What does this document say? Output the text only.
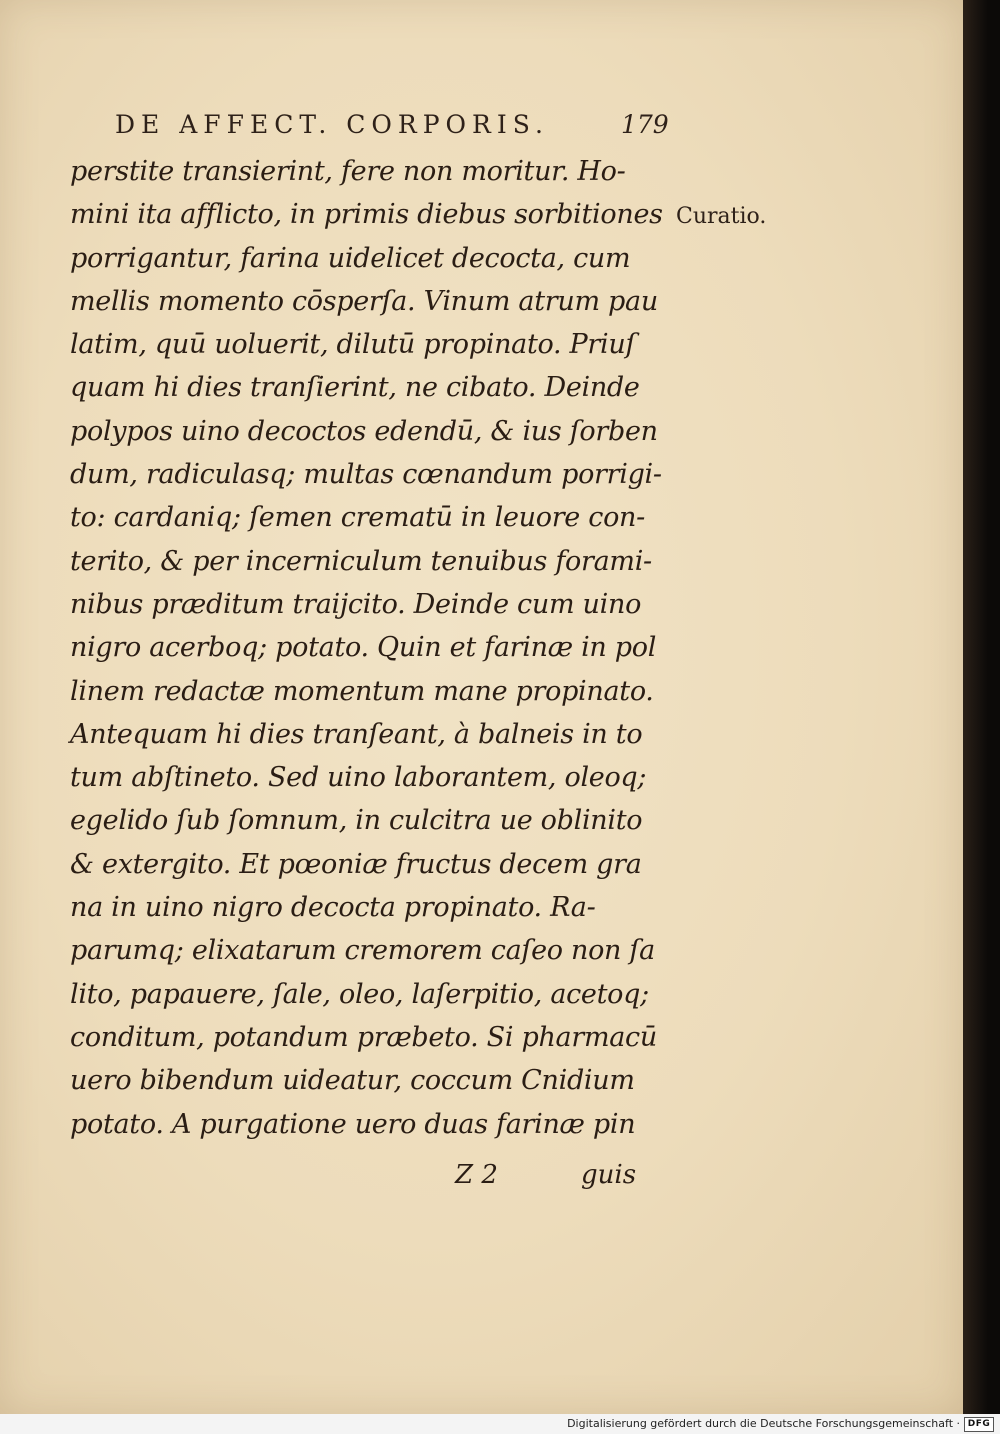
DE AFFECT. CORPORIS.	179
perstite transierint, fere non moritur. Ho-
mini ita afflicto, in primis diebus sorbitiones
porrigantur, farina uidelicet decocta, cum
mellis momento cōsperſa. Vinum atrum pau
latim, quū uoluerit, dilutū propinato. Priuſ
quam hi dies tranſierint, ne cibato. Deinde
polypos uino decoctos edendū, & ius ſorben
dum, radiculasq; multas cœnandum porrigi-
to: cardaniq; ſemen crematū in leuore con-
terito, & per incerniculum tenuibus forami-
nibus præditum traijcito. Deinde cum uino
nigro acerboq; potato. Quin et farinæ in pol
linem redactæ momentum mane propinato.
Antequam hi dies tranſeant, à balneis in to
tum abſtineto. Sed uino laborantem, oleoq;
egelido ſub ſomnum, in culcitra ue oblinito
& extergito. Et pœoniæ fructus decem gra
na in uino nigro decocta propinato. Ra-
parumq; elixatarum cremorem caſeo non ſa
lito, papauere, ſale, oleo, laſerpitio, acetoq;
conditum, potandum præbeto. Si pharmacū
uero bibendum uideatur, coccum Cnidium
potato. A purgatione uero duas farinæ pin
Curatio.
Z 2	guis
Digitalisierung gefördert durch die Deutsche Forschungsgemeinschaft · DFG
